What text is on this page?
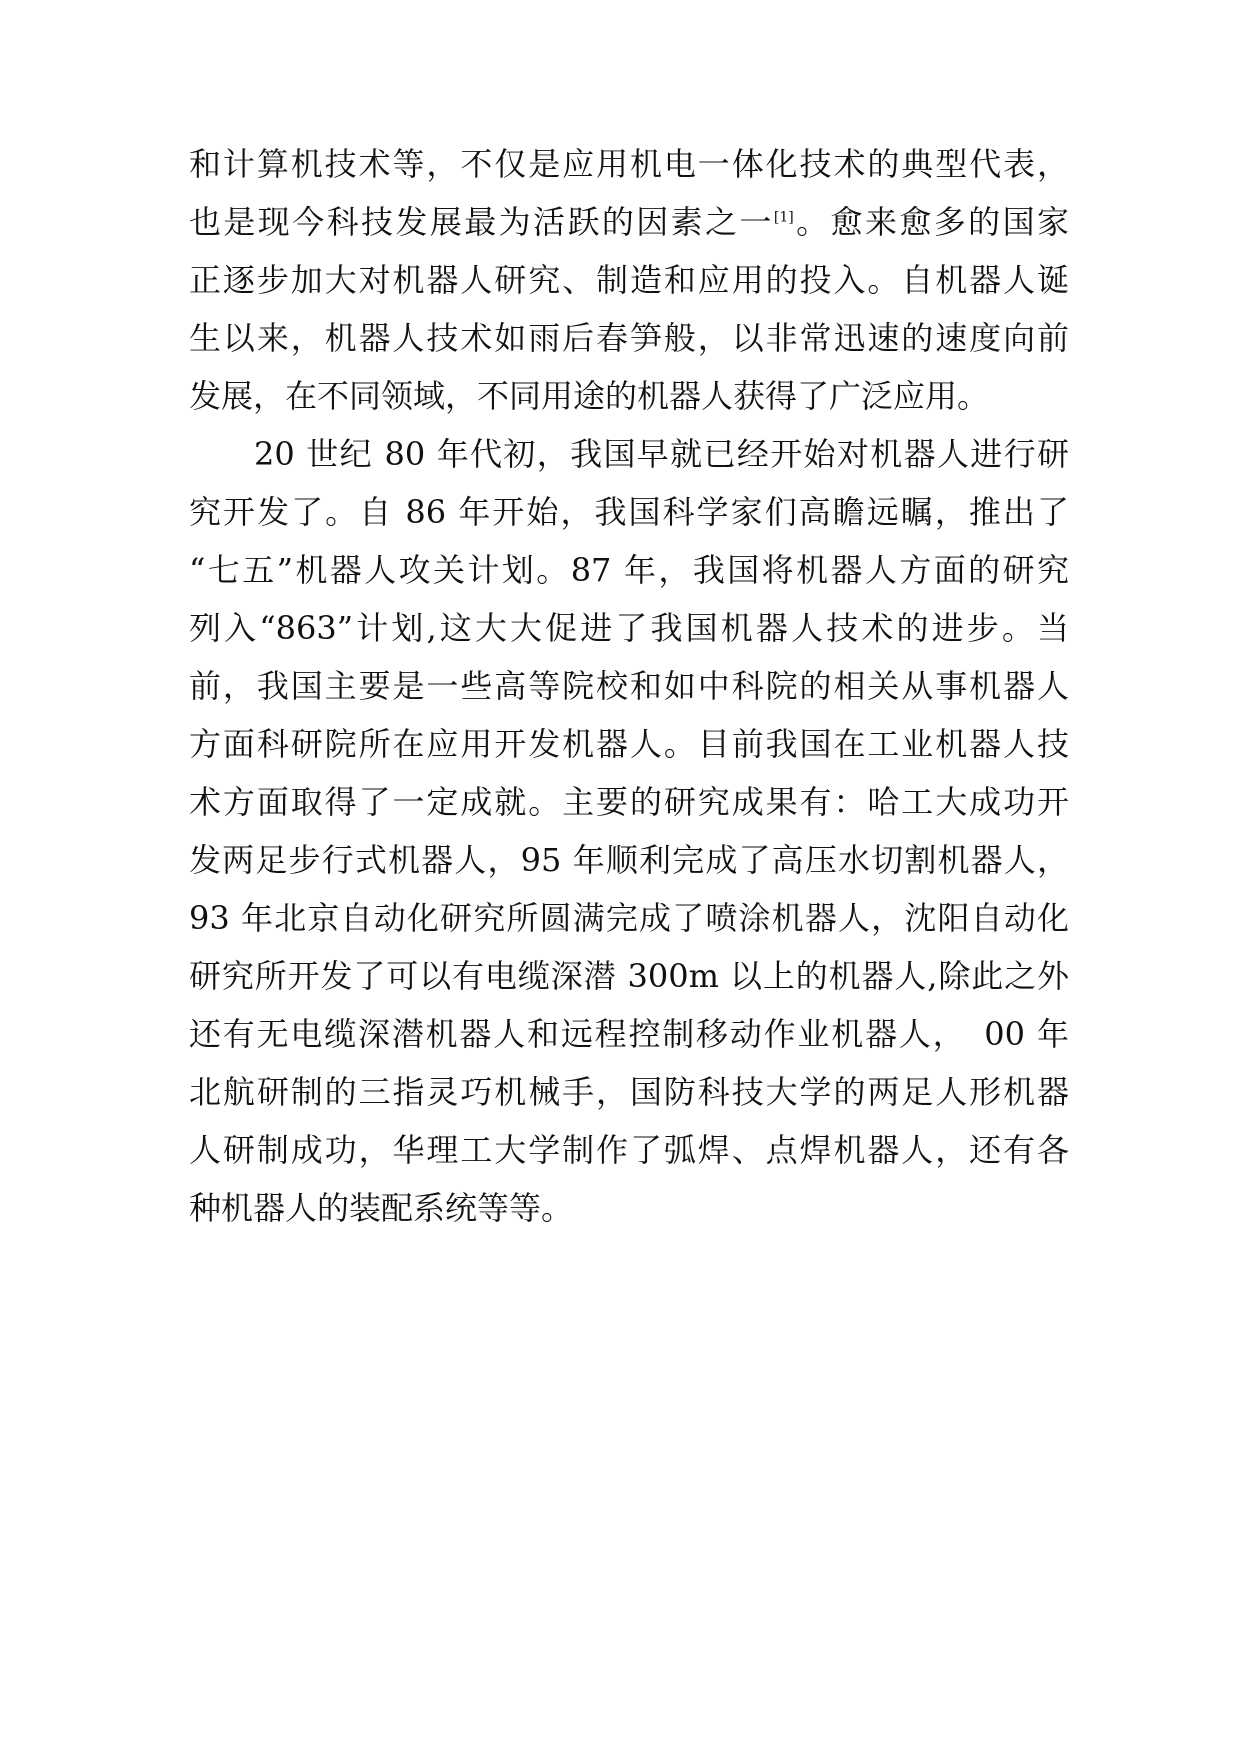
和计算机技术等，不仅是应用机电一体化技术的典型代表，
也是现今科技发展最为活跃的因素之一[1]。愈来愈多的国家
正逐步加大对机器人研究、制造和应用的投入。自机器人诞
生以来，机器人技术如雨后春笋般，以非常迅速的速度向前
发展，在不同领域，不同用途的机器人获得了广泛应用。
20 世纪 80 年代初，我国早就已经开始对机器人进行研
究开发了。自 86 年开始，我国科学家们高瞻远瞩，推出了
“七五”机器人攻关计划。87 年，我国将机器人方面的研究
列入“863”计划,这大大促进了我国机器人技术的进步。当
前，我国主要是一些高等院校和如中科院的相关从事机器人
方面科研院所在应用开发机器人。目前我国在工业机器人技
术方面取得了一定成就。主要的研究成果有：哈工大成功开
发两足步行式机器人，95 年顺利完成了高压水切割机器人，
93 年北京自动化研究所圆满完成了喷涂机器人，沈阳自动化
研究所开发了可以有电缆深潜 300m 以上的机器人,除此之外
还有无电缆深潜机器人和远程控制移动作业机器人，　00 年
北航研制的三指灵巧机械手，国防科技大学的两足人形机器
人研制成功，华理工大学制作了弧焊、点焊机器人，还有各
种机器人的装配系统等等。
